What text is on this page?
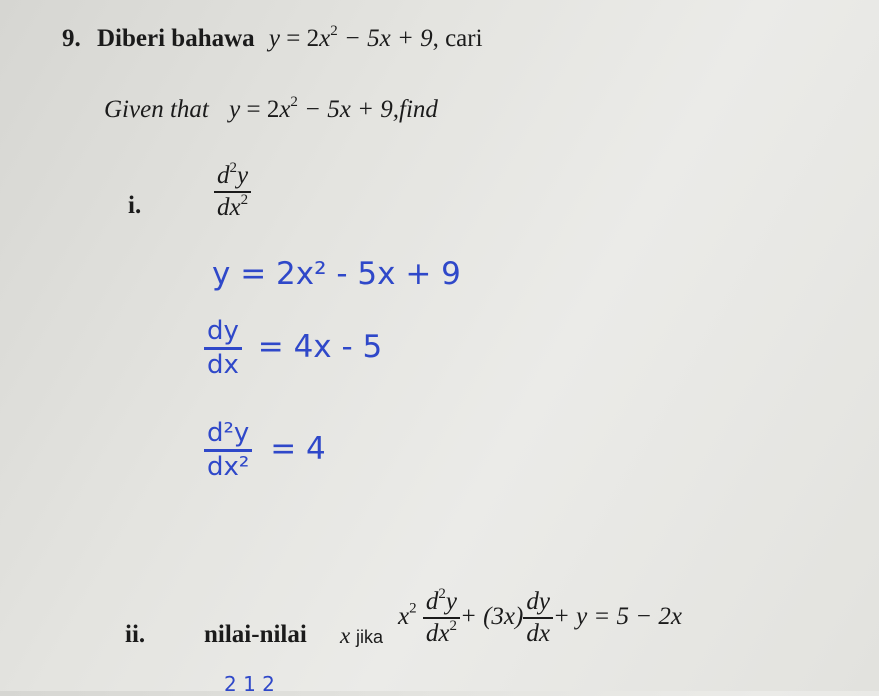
9. Diberi bahawa $y = 2x^2 - 5x + 9$, cari
Given that $y = 2x^2 - 5x$ + 9,find
i.	$\frac{d^2y}{dx^2}$
y = 2x² - 5x + 9
$\frac{dy}{dx} = 4x - 5$
$\frac{\text{d²y}}{\text{dx²}} = 4$
ii. nilai-nilai x jika
$x^2 \frac{d^2y}{dx^2} + (3x) \frac{dy}{dx} + y = 5 - 2x$
2 1 2
